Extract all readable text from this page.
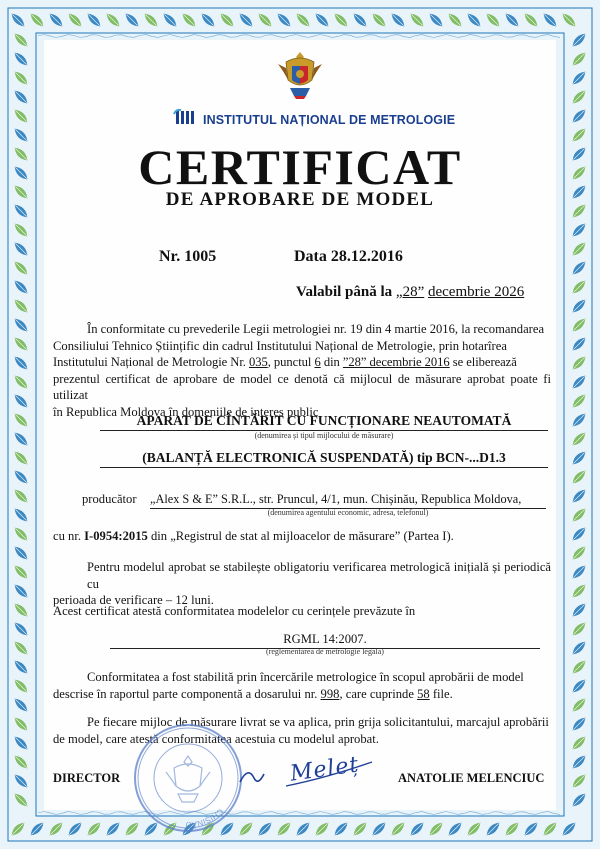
INSTITUTUL NAȚIONAL DE METROLOGIE
CERTIFICAT
DE APROBARE DE MODEL
Nr. 1005	Data 28.12.2016
Valabil până la „28” decembrie 2026
În conformitate cu prevederile Legii metrologiei nr. 19 din 4 martie 2016, la recomandarea
Consiliului Tehnico Științific din cadrul Institutului Național de Metrologie, prin hotarîrea
Institutului Național de Metrologie Nr. 035, punctul 6 din ”28” decembrie 2016 se eliberează
prezentul certificat de aprobare de model ce denotă că mijlocul de măsurare aprobat poate fi utilizat
în Republica Moldova în domeniile de interes public
APARAT DE CÎNTĂRIT CU FUNCȚIONARE NEAUTOMATĂ
(denumirea și tipul mijlocului de măsurare)
(BALANȚĂ ELECTRONICĂ SUSPENDATĂ) tip BCN-...D1.3
producător „Alex S & E” S.R.L., str. Pruncul, 4/1, mun. Chișinău, Republica Moldova,
(denumirea agentului economic, adresa, telefonul)
cu nr. I-0954:2015 din „Registrul de stat al mijloacelor de măsurare” (Partea I).
Pentru modelul aprobat se stabilește obligatoriu verificarea metrologică inițială și periodică cu
perioada de verificare – 12 luni.
Acest certificat atestă conformitatea modelelor cu cerințele prevăzute în
RGML 14:2007.
(reglementarea de metrologie legală)
Conformitatea a fost stabilită prin încercările metrologice în scopul aprobării de model
descrise în raportul parte componentă a dosarului nr. 998, care cuprinde 58 file.
Pe fiecare mijloc de măsurare livrat se va aplica, prin grija solicitantului, marcajul aprobării
de model, care atestă conformitatea acestuia cu modelul aprobat.
CHIȘINĂU
DIRECTOR	Meleț	ANATOLIE MELENCIUC
